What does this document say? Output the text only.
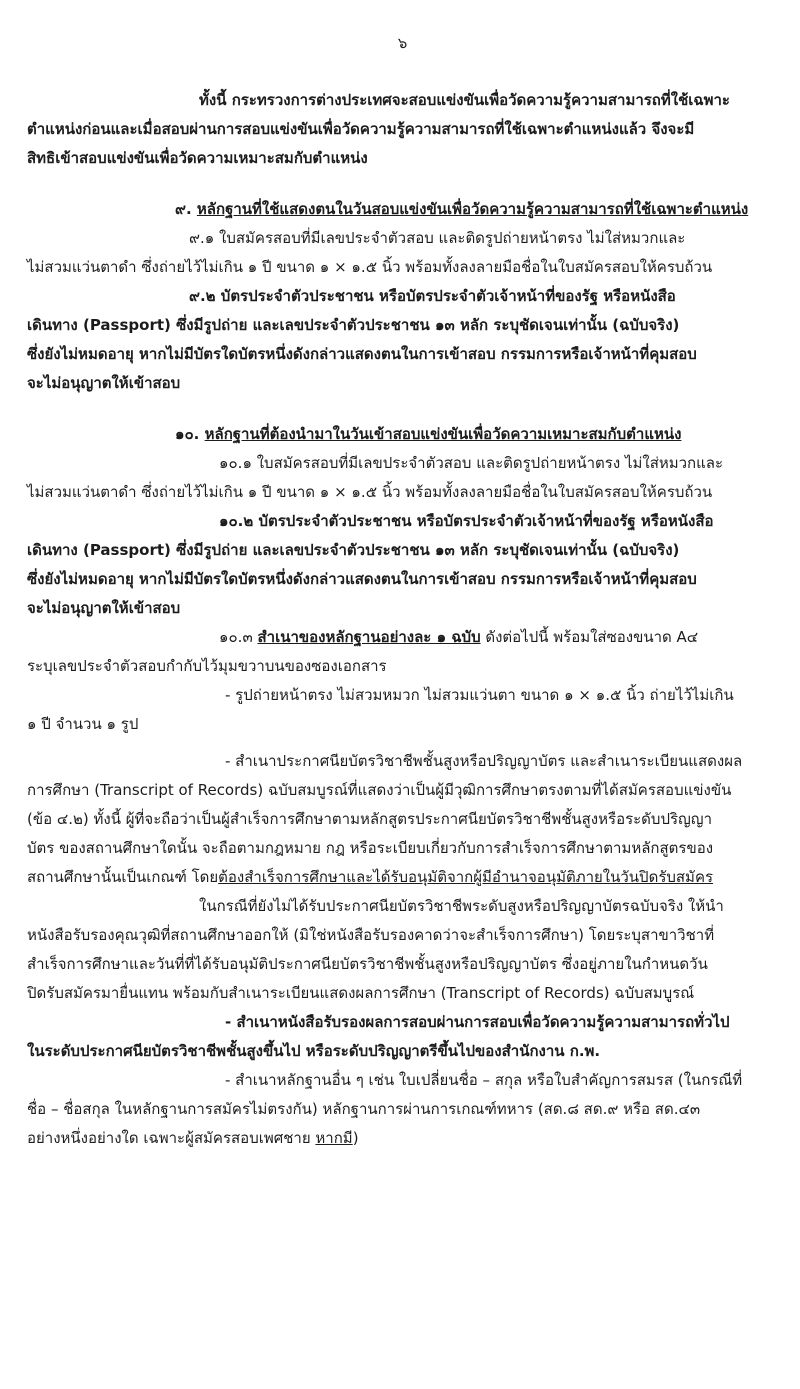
๖
ทั้งนี้ กระทรวงการต่างประเทศจะสอบแข่งขันเพื่อวัดความรู้ความสามารถที่ใช้เฉพาะ
ตำแหน่งก่อนและเมื่อสอบผ่านการสอบแข่งขันเพื่อวัดความรู้ความสามารถที่ใช้เฉพาะตำแหน่งแล้ว จึงจะมี
สิทธิเข้าสอบแข่งขันเพื่อวัดความเหมาะสมกับตำแหน่ง
๙. หลักฐานที่ใช้แสดงตนในวันสอบแข่งขันเพื่อวัดความรู้ความสามารถที่ใช้เฉพาะตำแหน่ง
๙.๑ ใบสมัครสอบที่มีเลขประจำตัวสอบ และติดรูปถ่ายหน้าตรง ไม่ใส่หมวกและ
ไม่สวมแว่นตาดำ ซึ่งถ่ายไว้ไม่เกิน ๑ ปี ขนาด ๑ × ๑.๕ นิ้ว พร้อมทั้งลงลายมือชื่อในใบสมัครสอบให้ครบถ้วน
๙.๒ บัตรประจำตัวประชาชน หรือบัตรประจำตัวเจ้าหน้าที่ของรัฐ หรือหนังสือ
เดินทาง (Passport) ซึ่งมีรูปถ่าย และเลขประจำตัวประชาชน ๑๓ หลัก ระบุชัดเจนเท่านั้น (ฉบับจริง)
ซึ่งยังไม่หมดอายุ หากไม่มีบัตรใดบัตรหนึ่งดังกล่าวแสดงตนในการเข้าสอบ กรรมการหรือเจ้าหน้าที่คุมสอบ
จะไม่อนุญาตให้เข้าสอบ
๑๐. หลักฐานที่ต้องนำมาในวันเข้าสอบแข่งขันเพื่อวัดความเหมาะสมกับตำแหน่ง
๑๐.๑ ใบสมัครสอบที่มีเลขประจำตัวสอบ และติดรูปถ่ายหน้าตรง ไม่ใส่หมวกและ
ไม่สวมแว่นตาดำ ซึ่งถ่ายไว้ไม่เกิน ๑ ปี ขนาด ๑ × ๑.๕ นิ้ว พร้อมทั้งลงลายมือชื่อในใบสมัครสอบให้ครบถ้วน
๑๐.๒ บัตรประจำตัวประชาชน หรือบัตรประจำตัวเจ้าหน้าที่ของรัฐ หรือหนังสือ
เดินทาง (Passport) ซึ่งมีรูปถ่าย และเลขประจำตัวประชาชน ๑๓ หลัก ระบุชัดเจนเท่านั้น (ฉบับจริง)
ซึ่งยังไม่หมดอายุ หากไม่มีบัตรใดบัตรหนึ่งดังกล่าวแสดงตนในการเข้าสอบ กรรมการหรือเจ้าหน้าที่คุมสอบ
จะไม่อนุญาตให้เข้าสอบ
๑๐.๓ สำเนาของหลักฐานอย่างละ ๑ ฉบับ ดังต่อไปนี้ พร้อมใส่ซองขนาด A๔
ระบุเลขประจำตัวสอบกำกับไว้มุมขวาบนของซองเอกสาร
- รูปถ่ายหน้าตรง ไม่สวมหมวก ไม่สวมแว่นตา ขนาด ๑ × ๑.๕ นิ้ว ถ่ายไว้ไม่เกิน
๑ ปี จำนวน ๑ รูป
- สำเนาประกาศนียบัตรวิชาชีพชั้นสูงหรือปริญญาบัตร และสำเนาระเบียนแสดงผล
การศึกษา (Transcript of Records) ฉบับสมบูรณ์ที่แสดงว่าเป็นผู้มีวุฒิการศึกษาตรงตามที่ได้สมัครสอบแข่งขัน
(ข้อ ๔.๒) ทั้งนี้ ผู้ที่จะถือว่าเป็นผู้สำเร็จการศึกษาตามหลักสูตรประกาศนียบัตรวิชาชีพชั้นสูงหรือระดับปริญญา
บัตร ของสถานศึกษาใดนั้น จะถือตามกฎหมาย กฎ หรือระเบียบเกี่ยวกับการสำเร็จการศึกษาตามหลักสูตรของ
สถานศึกษานั้นเป็นเกณฑ์ โดยต้องสำเร็จการศึกษาและได้รับอนุมัติจากผู้มีอำนาจอนุมัติภายในวันปิดรับสมัคร
ในกรณีที่ยังไม่ได้รับประกาศนียบัตรวิชาชีพระดับสูงหรือปริญญาบัตรฉบับจริง ให้นำ
หนังสือรับรองคุณวุฒิที่สถานศึกษาออกให้ (มิใช่หนังสือรับรองคาดว่าจะสำเร็จการศึกษา) โดยระบุสาขาวิชาที่
สำเร็จการศึกษาและวันที่ที่ได้รับอนุมัติประกาศนียบัตรวิชาชีพชั้นสูงหรือปริญญาบัตร ซึ่งอยู่ภายในกำหนดวัน
ปิดรับสมัครมายื่นแทน พร้อมกับสำเนาระเบียนแสดงผลการศึกษา (Transcript of Records) ฉบับสมบูรณ์
- สำเนาหนังสือรับรองผลการสอบผ่านการสอบเพื่อวัดความรู้ความสามารถทั่วไป
ในระดับประกาศนียบัตรวิชาชีพชั้นสูงขึ้นไป หรือระดับปริญญาตรีขึ้นไปของสำนักงาน ก.พ.
- สำเนาหลักฐานอื่น ๆ เช่น ใบเปลี่ยนชื่อ – สกุล หรือใบสำคัญการสมรส (ในกรณีที่
ชื่อ – ชื่อสกุล ในหลักฐานการสมัครไม่ตรงกัน) หลักฐานการผ่านการเกณฑ์ทหาร (สด.๘ สด.๙ หรือ สด.๔๓
อย่างหนึ่งอย่างใด เฉพาะผู้สมัครสอบเพศชาย หากมี)
